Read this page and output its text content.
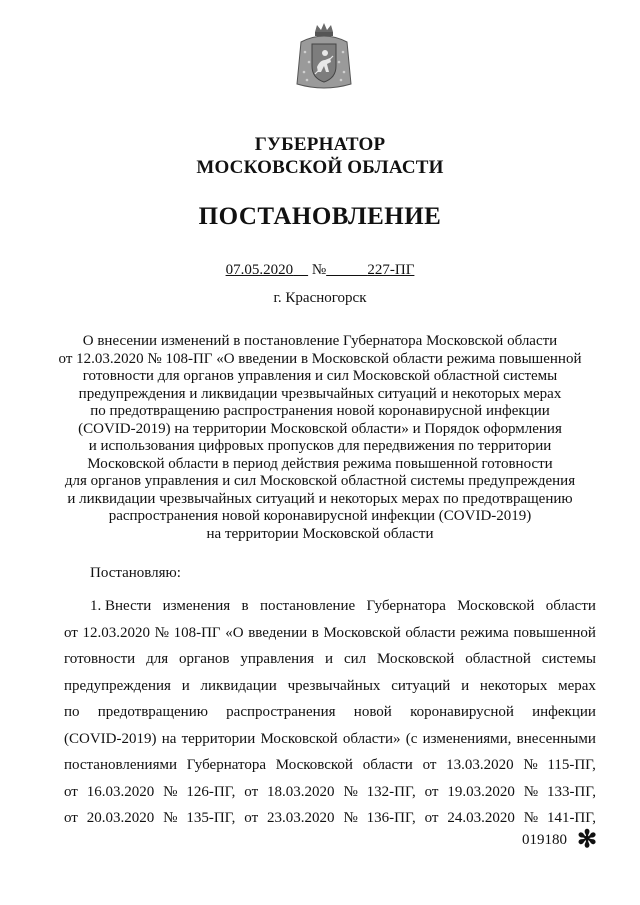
ГУБЕРНАТОР
МОСКОВСКОЙ ОБЛАСТИ
ПОСТАНОВЛЕНИЕ
07.05.2020 №	227-ПГ
г. Красногорск
О внесении изменений в постановление Губернатора Московской области
от 12.03.2020 № 108-ПГ «О введении в Московской области режима повышенной
готовности для органов управления и сил Московской областной системы
предупреждения и ликвидации чрезвычайных ситуаций и некоторых мерах
по предотвращению распространения новой коронавирусной инфекции
(COVID-2019) на территории Московской области» и Порядок оформления
и использования цифровых пропусков для передвижения по территории
Московской области в период действия режима повышенной готовности
для органов управления и сил Московской областной системы предупреждения
и ликвидации чрезвычайных ситуаций и некоторых мерах по предотвращению
распространения новой коронавирусной инфекции (COVID-2019)
на территории Московской области
Постановляю:
1. Внести изменения в постановление Губернатора Московской области
от 12.03.2020 № 108-ПГ «О введении в Московской области режима повышенной
готовности для органов управления и сил Московской областной системы
предупреждения и ликвидации чрезвычайных ситуаций и некоторых мерах
по предотвращению распространения новой коронавирусной инфекции
(COVID-2019) на территории Московской области» (с изменениями, внесенными
постановлениями Губернатора Московской области от 13.03.2020 № 115-ПГ,
от 16.03.2020 № 126-ПГ, от 18.03.2020 № 132-ПГ, от 19.03.2020 № 133-ПГ,
от 20.03.2020 № 135-ПГ, от 23.03.2020 № 136-ПГ, от 24.03.2020 № 141-ПГ,
019180 ✻
